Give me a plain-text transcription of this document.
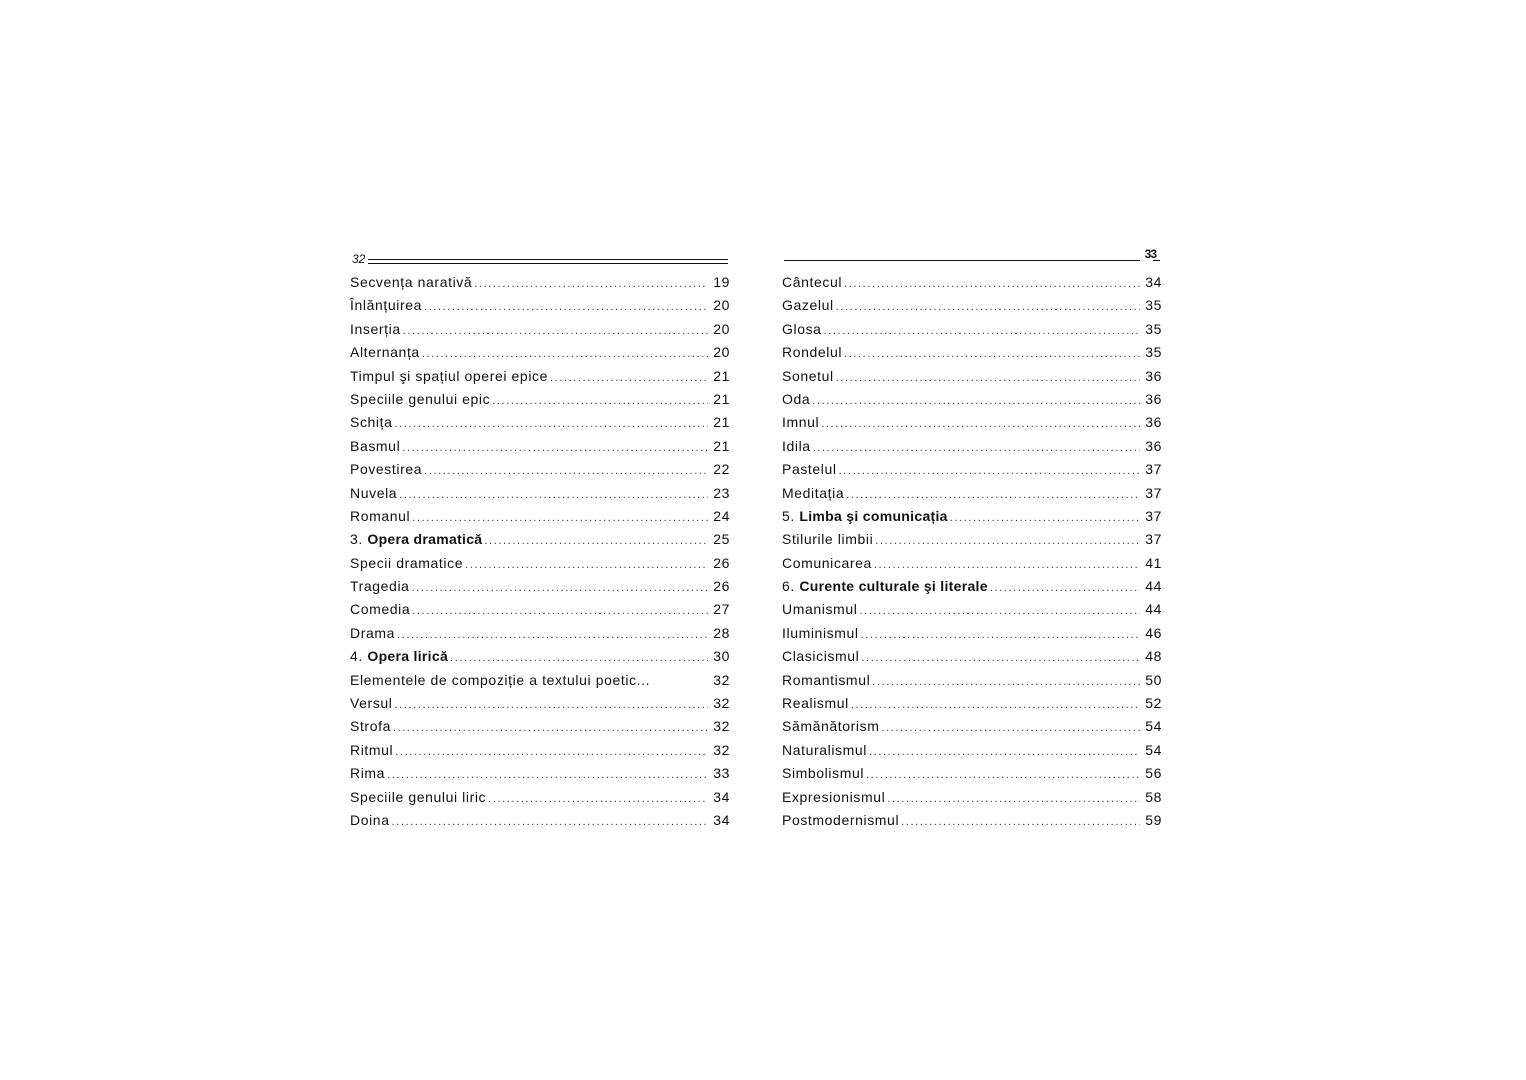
32
Secvența narativă .....	19
Înlănțuirea .....	20
Inserția .....	20
Alternanța .....	20
Timpul şi spațiul operei epice .....	21
Speciile genului epic .....	21
Schița .....	21
Basmul .....	21
Povestirea .....	22
Nuvela .....	23
Romanul .....	24
3. Opera dramatică .....	25
Specii dramatice .....	26
Tragedia .....	26
Comedia .....	27
Drama .....	28
4. Opera lirică .....	30
Elementele de compoziție a textului poetic...	32
Versul .....	32
Strofa .....	32
Ritmul .....	32
Rima .....	33
Speciile genului liric .....	34
Doina .....	34
33
Cântecul .....	34
Gazelul .....	35
Glosa .....	35
Rondelul .....	35
Sonetul .....	36
Oda .....	36
Imnul .....	36
Idila .....	36
Pastelul .....	37
Meditația .....	37
5. Limba şi comunicația .....	37
Stilurile limbii .....	37
Comunicarea .....	41
6. Curente culturale şi literale .....	44
Umanismul .....	44
Iluminismul .....	46
Clasicismul .....	48
Romantismul .....	50
Realismul .....	52
Sămănătorism .....	54
Naturalismul .....	54
Simbolismul .....	56
Expresionismul .....	58
Postmodernismul .....	59
